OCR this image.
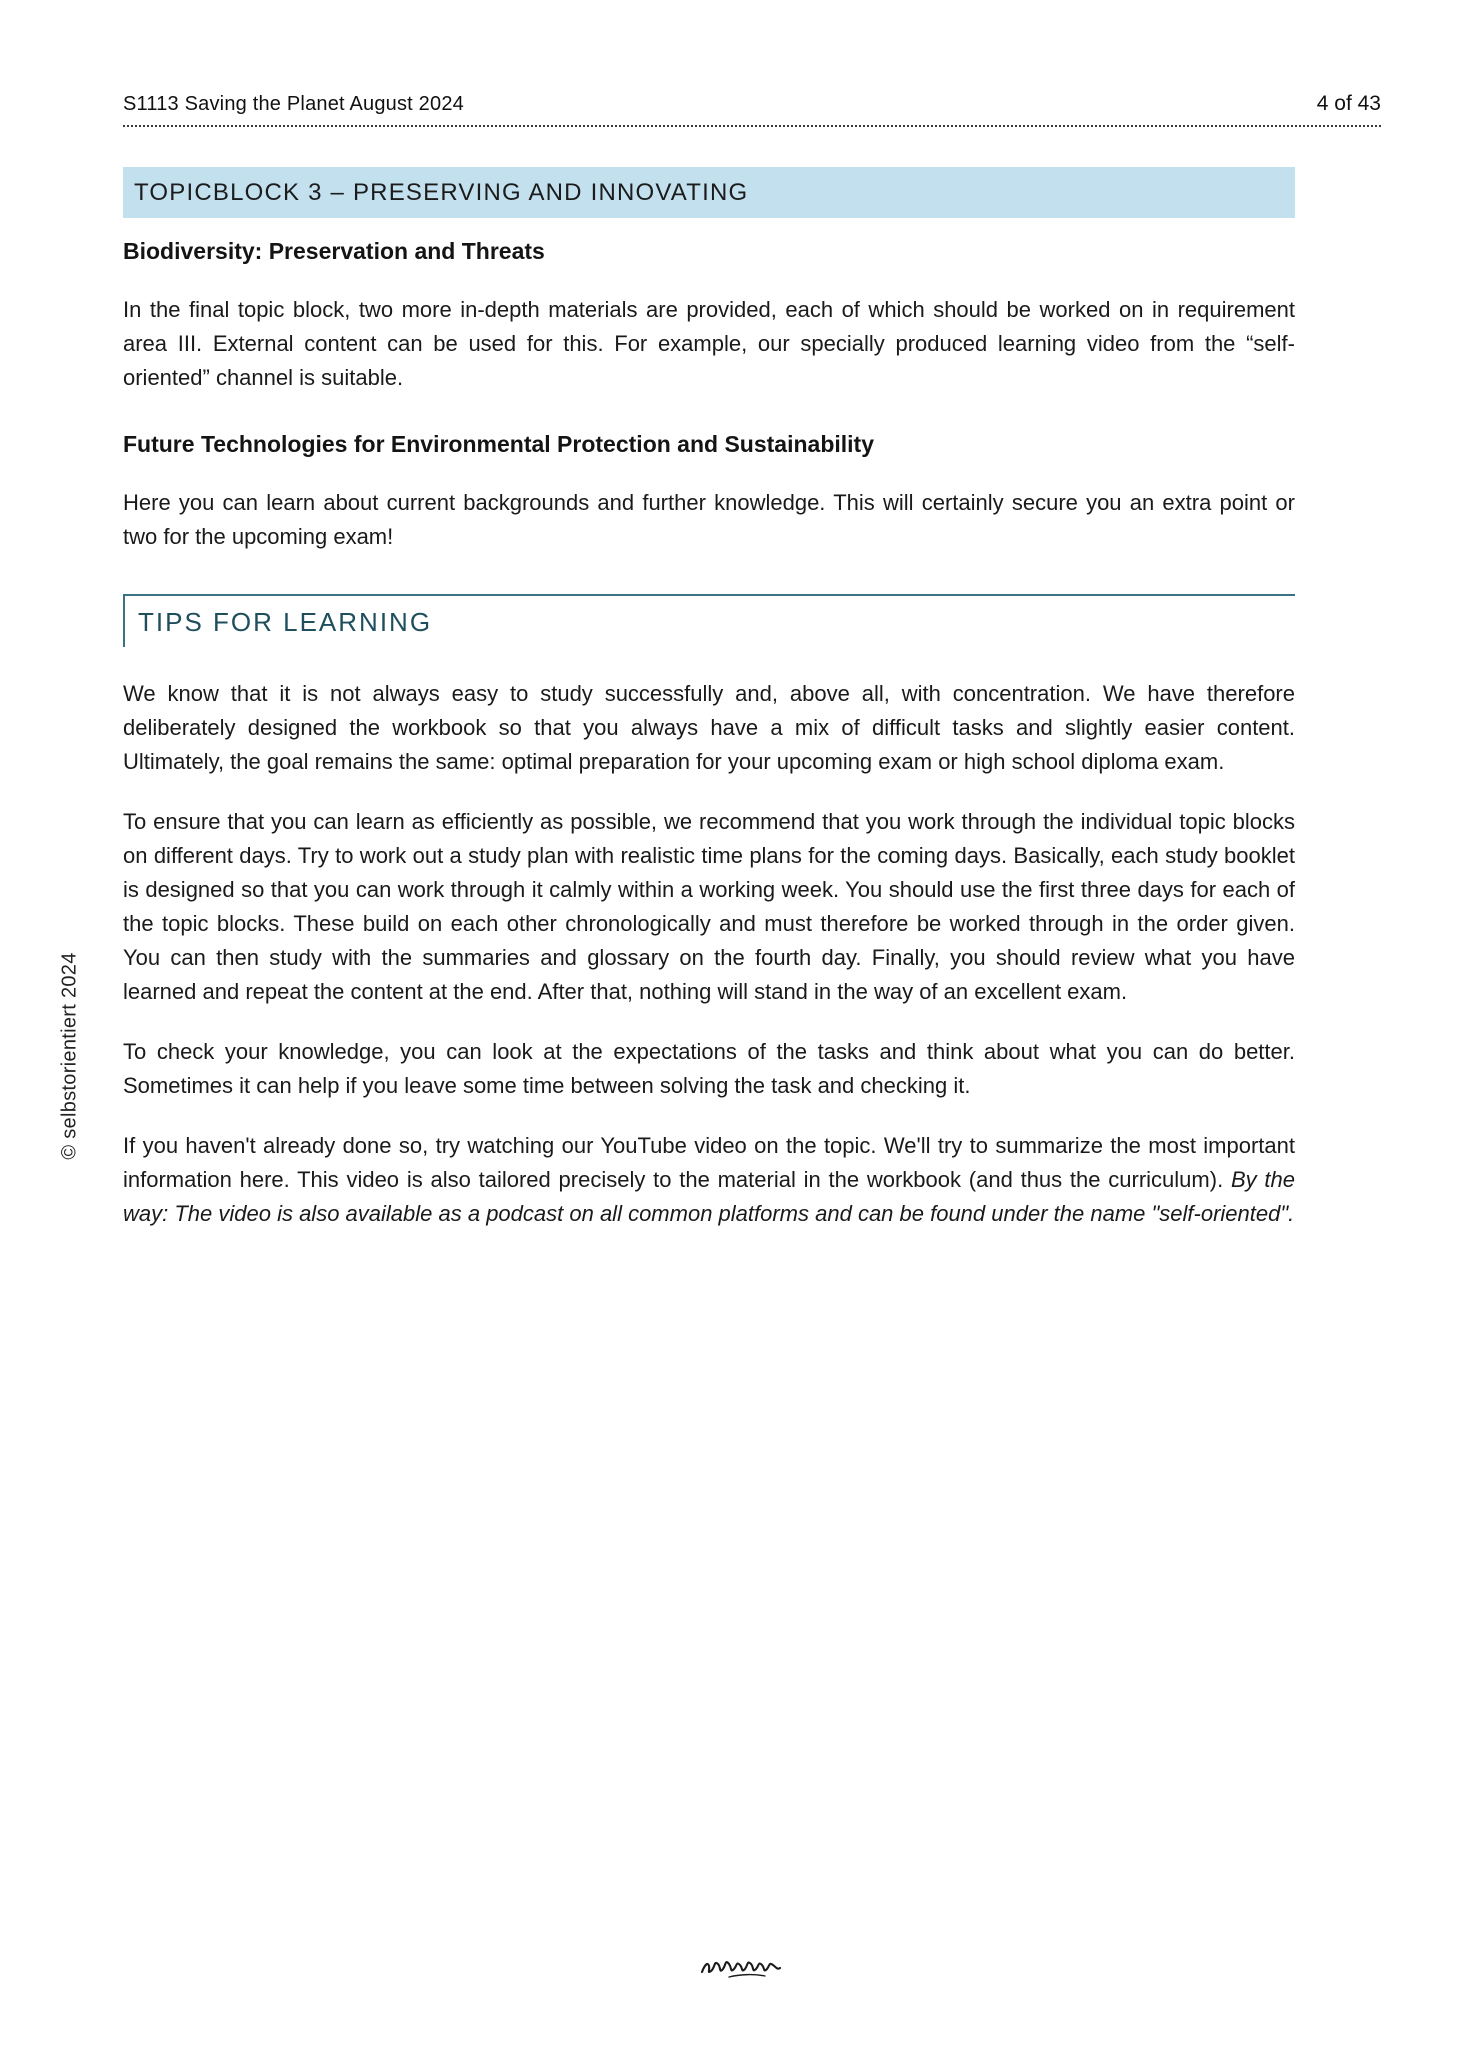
S1113 Saving the Planet August 2024	4 of 43
TOPICBLOCK 3 – PRESERVING AND INNOVATING
Biodiversity: Preservation and Threats

In the final topic block, two more in-depth materials are provided, each of which should be worked on in requirement area III. External content can be used for this. For example, our specially produced learning video from the “self-oriented” channel is suitable.

Future Technologies for Environmental Protection and Sustainability

Here you can learn about current backgrounds and further knowledge. This will certainly secure you an extra point or two for the upcoming exam!

TIPS FOR LEARNING

We know that it is not always easy to study successfully and, above all, with concentration. We have therefore deliberately designed the workbook so that you always have a mix of difficult tasks and slightly easier content. Ultimately, the goal remains the same: optimal preparation for your upcoming exam or high school diploma exam.

To ensure that you can learn as efficiently as possible, we recommend that you work through the individual topic blocks on different days. Try to work out a study plan with realistic time plans for the coming days. Basically, each study booklet is designed so that you can work through it calmly within a working week. You should use the first three days for each of the topic blocks. These build on each other chronologically and must therefore be worked through in the order given. You can then study with the summaries and glossary on the fourth day. Finally, you should review what you have learned and repeat the content at the end. After that, nothing will stand in the way of an excellent exam.

To check your knowledge, you can look at the expectations of the tasks and think about what you can do better. Sometimes it can help if you leave some time between solving the task and checking it.

If you haven't already done so, try watching our YouTube video on the topic. We'll try to summarize the most important information here. This video is also tailored precisely to the material in the workbook (and thus the curriculum). By the way: The video is also available as a podcast on all common platforms and can be found under the name "self-oriented".

© selbstorientiert 2024
